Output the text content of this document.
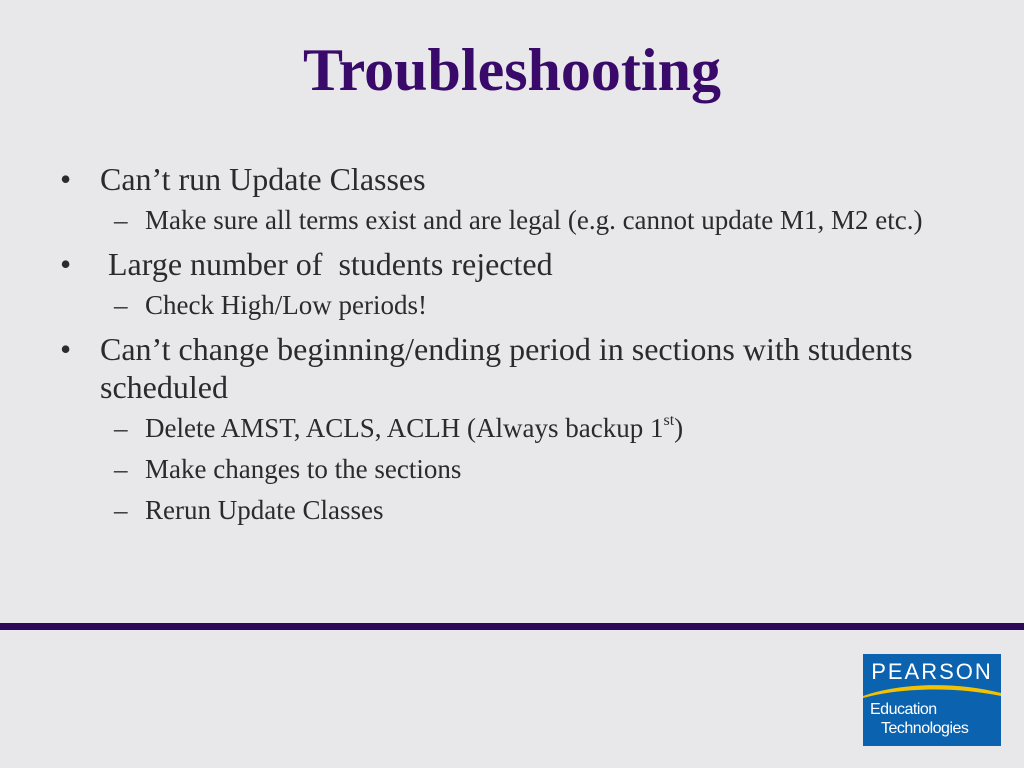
Troubleshooting
• Can’t run Update Classes
– Make sure all terms exist and are legal (e.g. cannot update M1, M2 etc.)
• Large number of  students rejected
– Check High/Low periods!
• Can’t change beginning/ending period in sections with students scheduled
– Delete AMST, ACLS, ACLH (Always backup 1st)
– Make changes to the sections
– Rerun Update Classes
PEARSON
Education
Technologies
